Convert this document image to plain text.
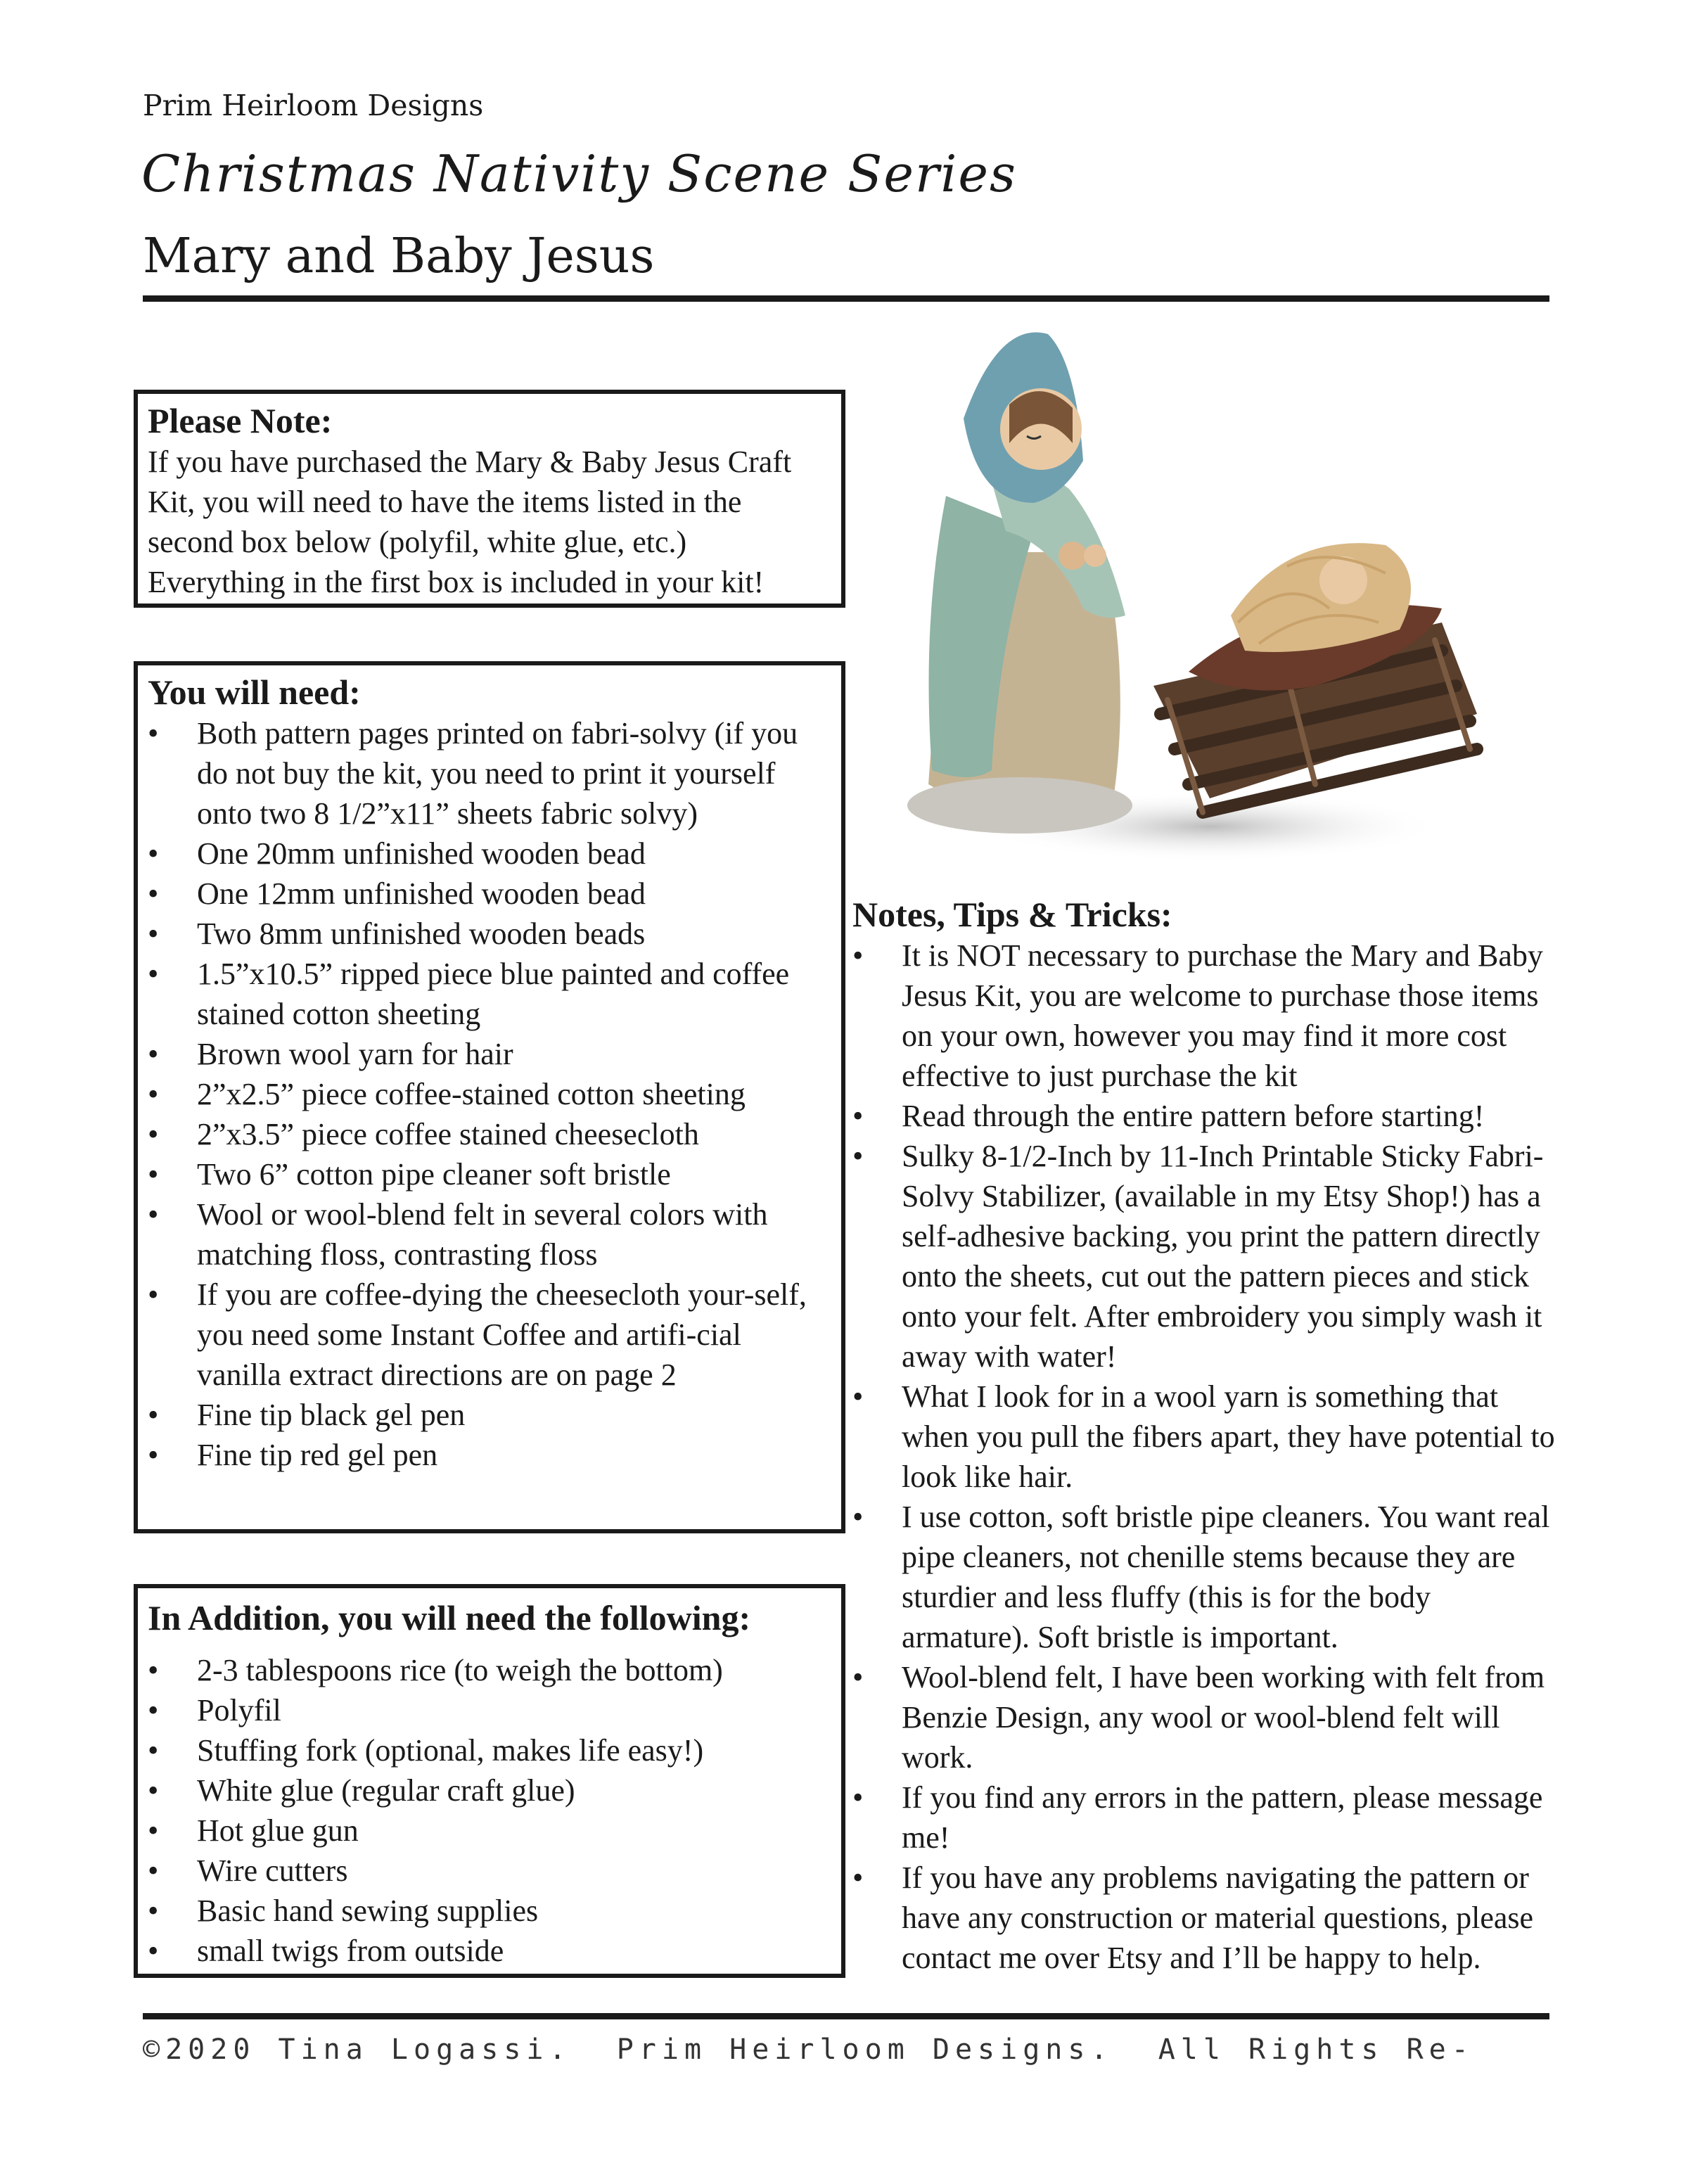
Prim Heirloom Designs
Christmas Nativity Scene Series
Mary and Baby Jesus
Please Note:

If you have purchased the Mary & Baby Jesus Craft Kit, you will need to have the items listed in the second box below (polyfil, white glue, etc.) Everything in the first box is included in your kit!

You will need:
• Both pattern pages printed on fabri-solvy (if you do not buy the kit, you need to print it yourself onto two 8 1/2”x11” sheets fabric solvy)
• One 20mm unfinished wooden bead
• One 12mm unfinished wooden bead
• Two 8mm unfinished wooden beads
• 1.5”x10.5” ripped piece blue painted and coffee stained cotton sheeting
• Brown wool yarn for hair
• 2”x2.5” piece coffee-stained cotton sheeting
• 2”x3.5” piece coffee stained cheesecloth
• Two 6” cotton pipe cleaner soft bristle
• Wool or wool-blend felt in several colors with matching floss, contrasting floss
• If you are coffee-dying the cheesecloth your-self, you need some Instant Coffee and artifi-cial vanilla extract directions are on page 2
• Fine tip black gel pen
• Fine tip red gel pen
In Addition, you will need the following:
• 2-3 tablespoons rice (to weigh the bottom)
• Polyfil
• Stuffing fork (optional, makes life easy!)
• White glue (regular craft glue)
• Hot glue gun
• Wire cutters
• Basic hand sewing supplies
• small twigs from outside
Notes, Tips & Tricks:
• It is NOT necessary to purchase the Mary and Baby Jesus Kit, you are welcome to purchase those items on your own, however you may find it more cost effective to just purchase the kit
• Read through the entire pattern before starting!
• Sulky 8-1/2-Inch by 11-Inch Printable Sticky Fabri-Solvy Stabilizer, (available in my Etsy Shop!) has a self-adhesive backing, you print the pattern directly onto the sheets, cut out the pattern pieces and stick onto your felt. After embroidery you simply wash it away with water!
• What I look for in a wool yarn is something that when you pull the fibers apart, they have potential to look like hair.
• I use cotton, soft bristle pipe cleaners. You want real pipe cleaners, not chenille stems because they are sturdier and less fluffy (this is for the body armature). Soft bristle is important.
• Wool-blend felt, I have been working with felt from Benzie Design, any wool or wool-blend felt will work.
• If you find any errors in the pattern, please message me!
• If you have any problems navigating the pattern or have any construction or material questions, please contact me over Etsy and I’ll be happy to help.
©2020 Tina Logassi.  Prim Heirloom Designs.  All Rights Re-
